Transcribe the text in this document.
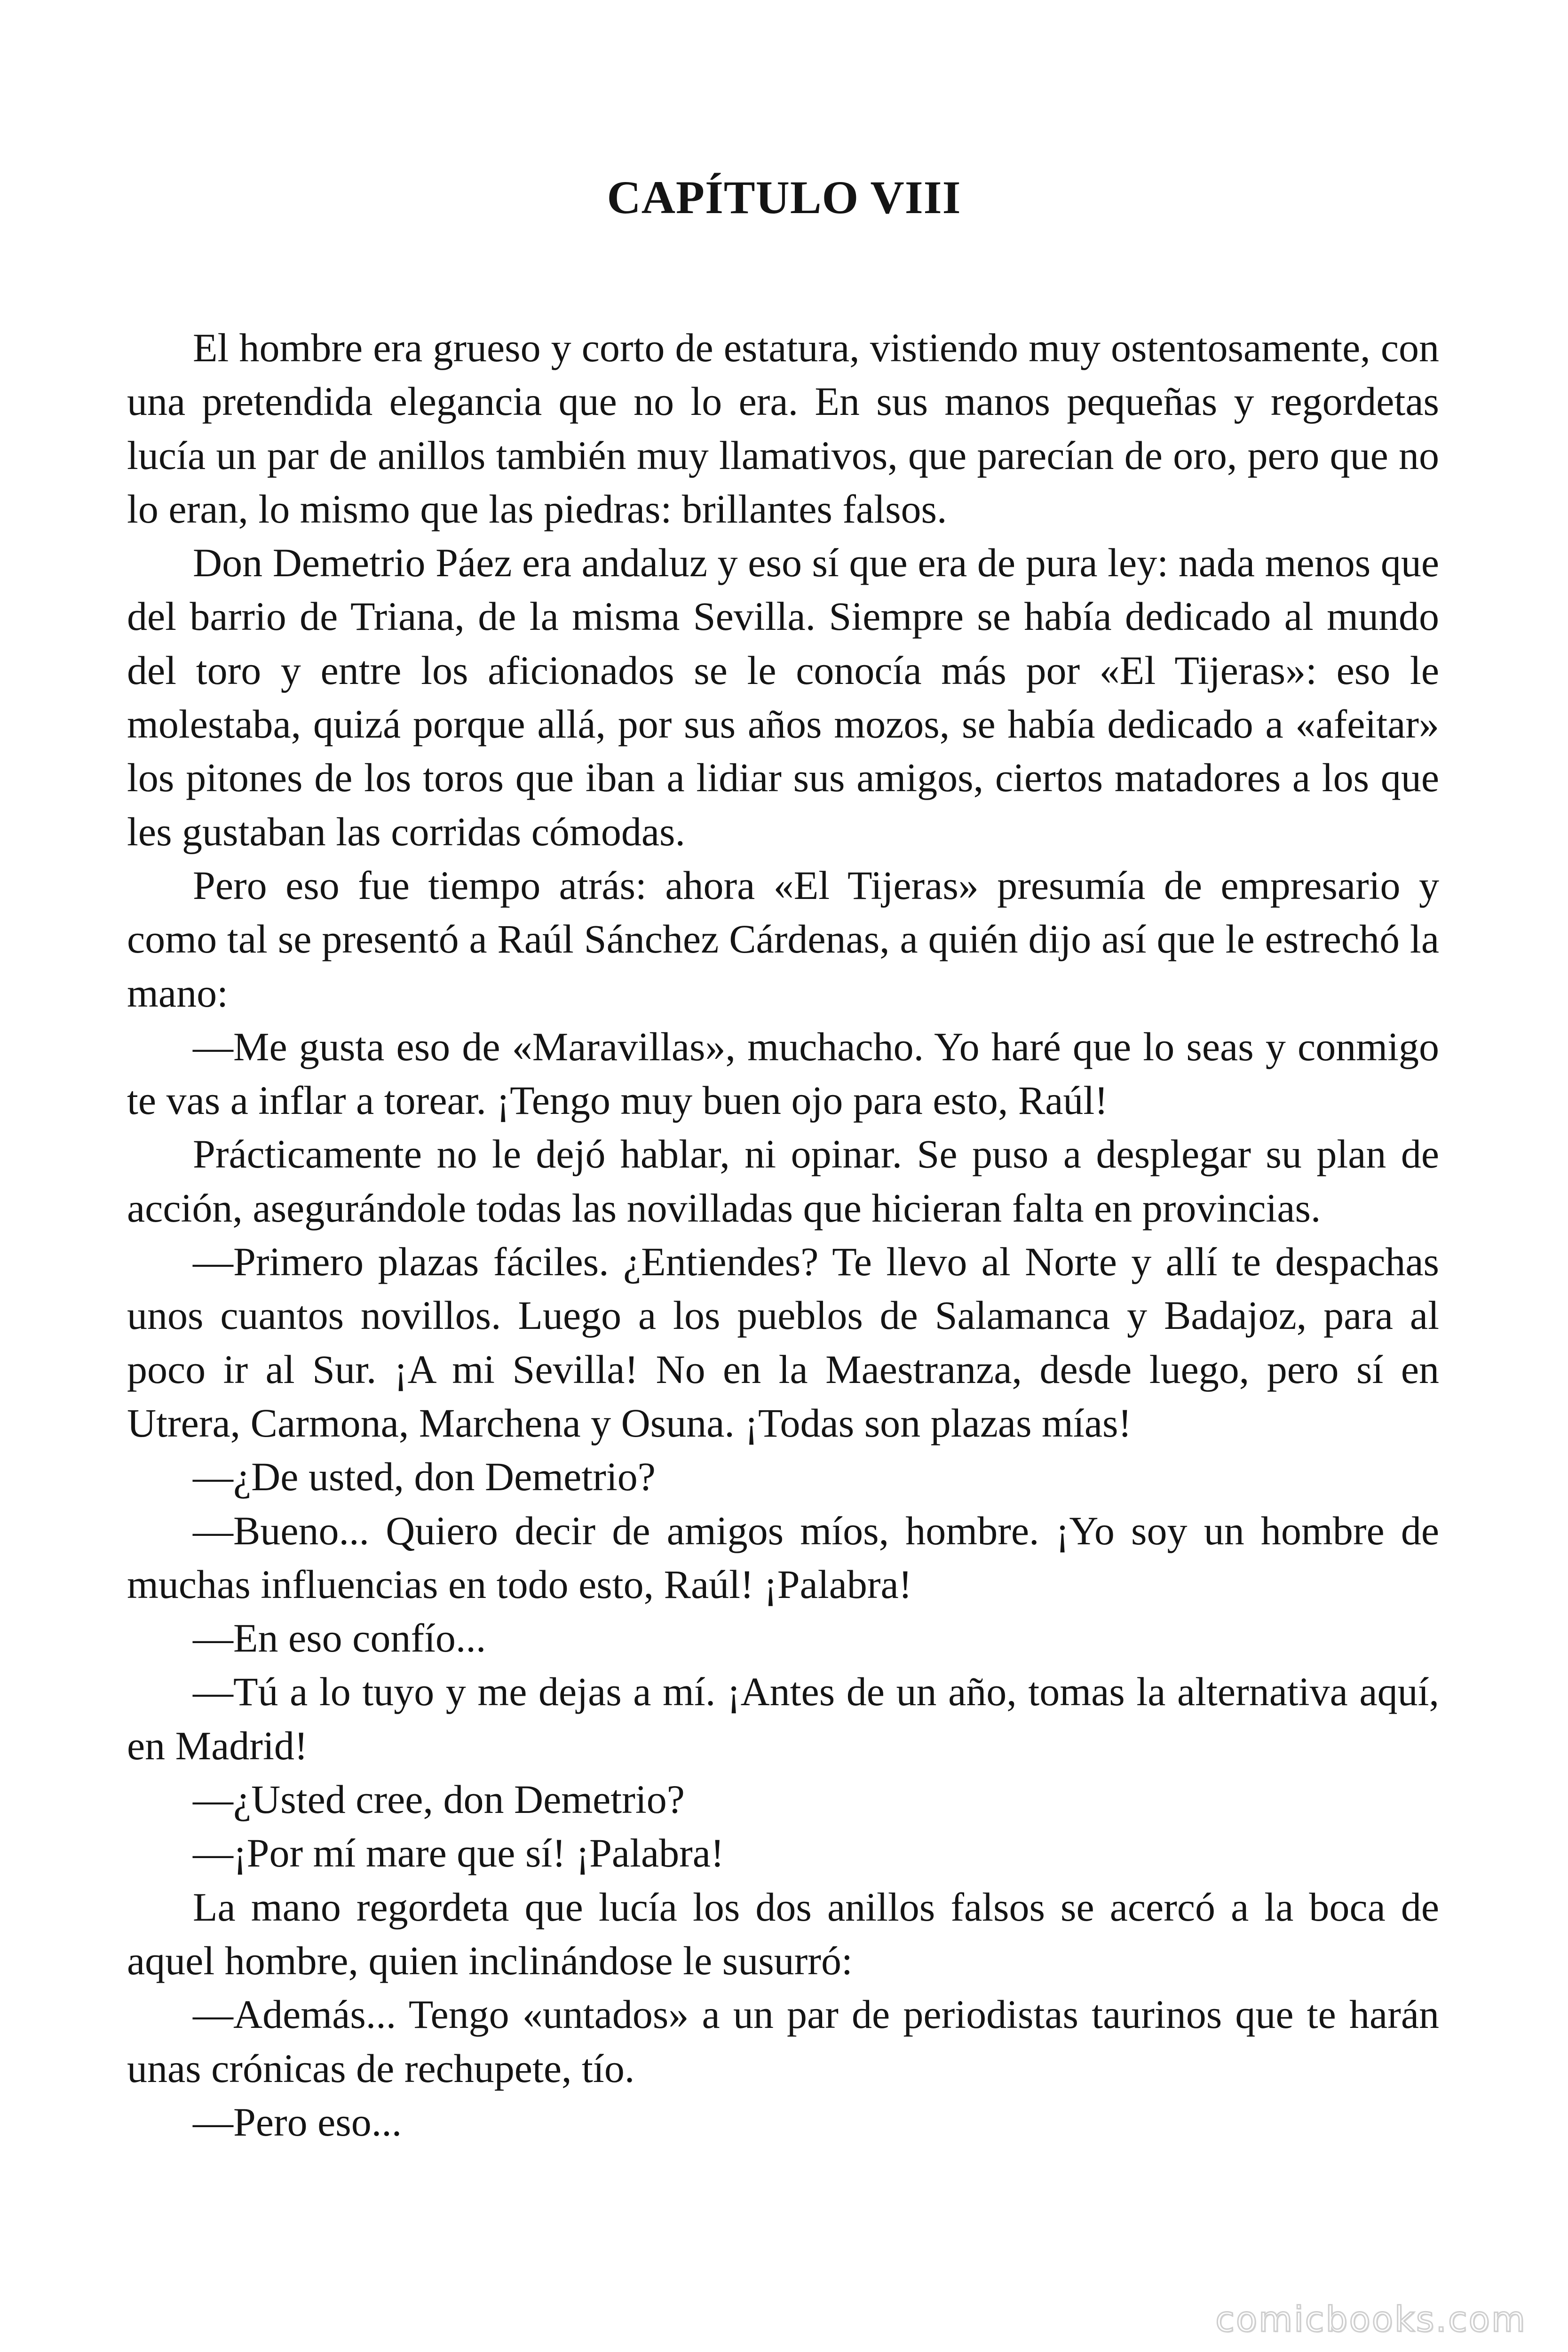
CAPÍTULO VIII

El hombre era grueso y corto de estatura, vistiendo muy ostentosamente, con una pretendida elegancia que no lo era. En sus manos pequeñas y regordetas lucía un par de anillos también muy llamativos, que parecían de oro, pero que no lo eran, lo mismo que las piedras: brillantes falsos.

Don Demetrio Páez era andaluz y eso sí que era de pura ley: nada menos que del barrio de Triana, de la misma Sevilla. Siempre se había dedicado al mundo del toro y entre los aficionados se le conocía más por «El Tijeras»: eso le molestaba, quizá porque allá, por sus años mozos, se había dedicado a «afeitar» los pitones de los toros que iban a lidiar sus amigos, ciertos matadores a los que les gustaban las corridas cómodas.

Pero eso fue tiempo atrás: ahora «El Tijeras» presumía de empresario y como tal se presentó a Raúl Sánchez Cárdenas, a quién dijo así que le estrechó la mano:

—Me gusta eso de «Maravillas», muchacho. Yo haré que lo seas y conmigo te vas a inflar a torear. ¡Tengo muy buen ojo para esto, Raúl!

Prácticamente no le dejó hablar, ni opinar. Se puso a desplegar su plan de acción, asegurándole todas las novilladas que hicieran falta en provincias.

—Primero plazas fáciles. ¿Entiendes? Te llevo al Norte y allí te despachas unos cuantos novillos. Luego a los pueblos de Salamanca y Badajoz, para al poco ir al Sur. ¡A mi Sevilla! No en la Maestranza, desde luego, pero sí en Utrera, Carmona, Marchena y Osuna. ¡Todas son plazas mías!

—¿De usted, don Demetrio?

—Bueno... Quiero decir de amigos míos, hombre. ¡Yo soy un hombre de muchas influencias en todo esto, Raúl! ¡Palabra!

—En eso confío...

—Tú a lo tuyo y me dejas a mí. ¡Antes de un año, tomas la alternativa aquí, en Madrid!

—¿Usted cree, don Demetrio?

—¡Por mí mare que sí! ¡Palabra!

La mano regordeta que lucía los dos anillos falsos se acercó a la boca de aquel hombre, quien inclinándose le susurró:

—Además... Tengo «untados» a un par de periodistas taurinos que te harán unas crónicas de rechupete, tío.

—Pero eso...

comicbooks.com
